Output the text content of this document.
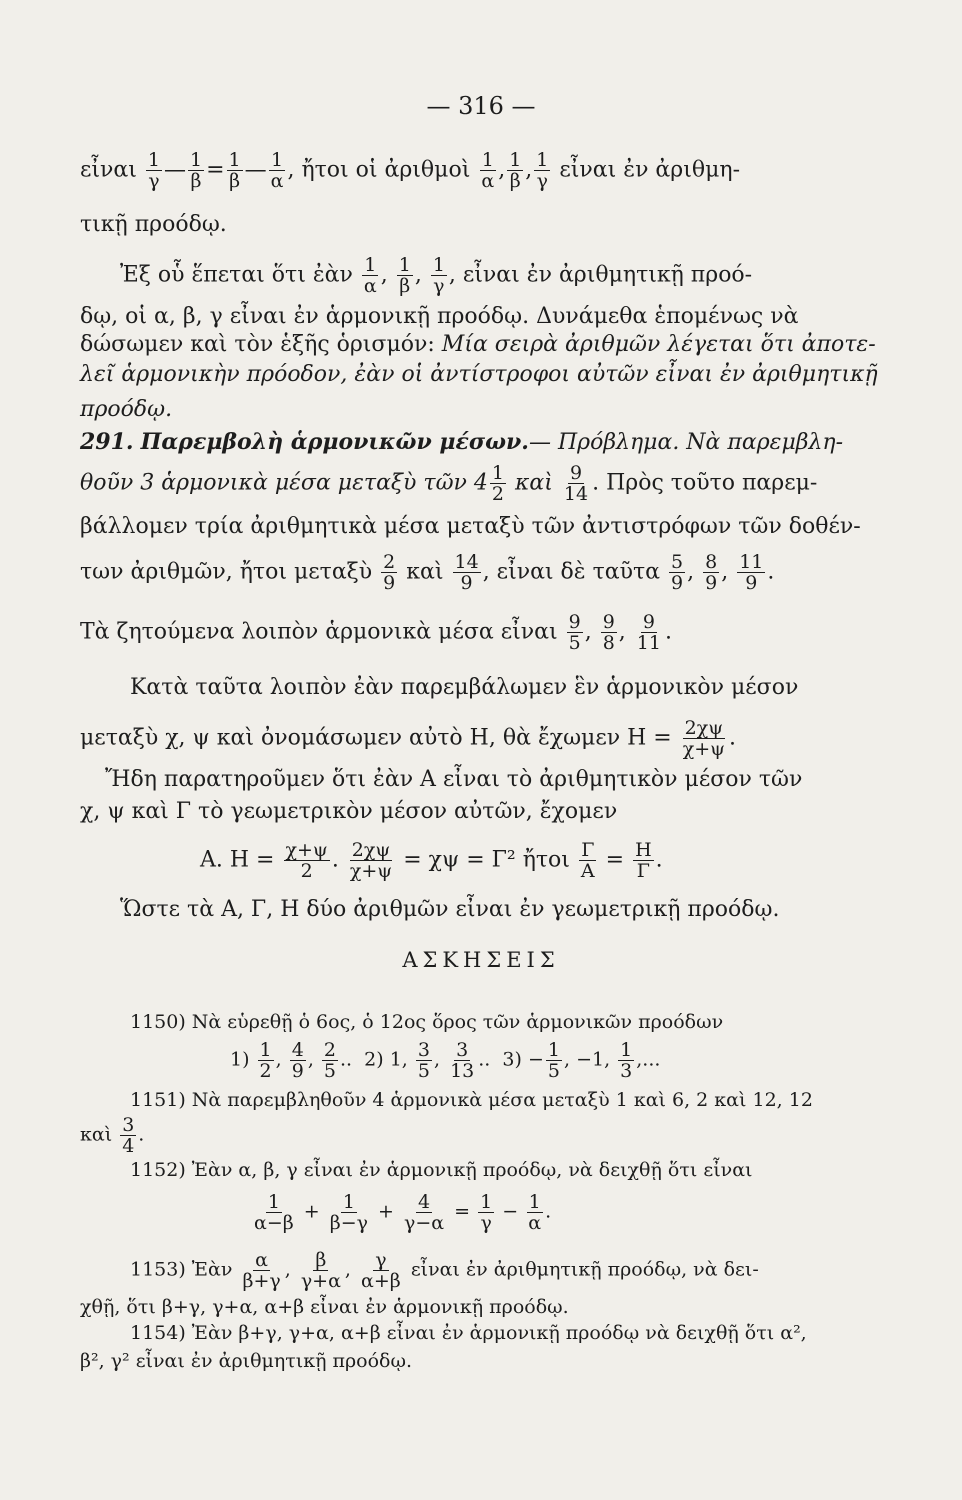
— 316 —
εἶναι $\frac{1}{\gamma}$ — $\frac{1}{\beta} = \frac{1}{\beta}$ — $\frac{1}{\alpha}$ , ἤτοι οἱ ἀριθμοὶ $\frac{1}{\alpha}$ , $\frac{1}{\beta}$ , $\frac{1}{\gamma}$ εἶναι ἐν ἀριθμη-
τικῇ προόδῳ.
Ἐξ οὗ ἕπεται ὅτι ἐὰν $\frac{1}{\alpha}$ , $\frac{1}{\beta}$ , $\frac{1}{\gamma}$ , εἶναι ἐν ἀριθμητικῇ προό-
δῳ, οἱ α, β, γ εἶναι ἐν ἁρμονικῇ προόδῳ. Δυνάμεθα ἑπομένως νὰ
δώσωμεν καὶ τὸν ἑξῆς ὁρισμόν: Μία σειρὰ ἀριθμῶν λέγεται ὅτι ἀποτε-
λεῖ ἁρμονικὴν πρόοδον, ἐὰν οἱ ἀντίστροφοι αὐτῶν εἶναι ἐν ἀριθμητικῇ
προόδῳ.
291. Παρεμβολὴ ἁρμονικῶν μέσων.— Πρόβλημα. Νὰ παρεμβλη-
θοῦν 3 ἁρμονικὰ μέσα μεταξὺ τῶν $4 \frac{1}{2}$ καὶ $\frac{9}{14}$ . Πρὸς τοῦτο παρεμ-
βάλλομεν τρία ἀριθμητικὰ μέσα μεταξὺ τῶν ἀντιστρόφων τῶν δοθέν-
των ἀριθμῶν, ἤτοι μεταξὺ $\frac{2}{9}$ καὶ $\frac{14}{9}$ , εἶναι δὲ ταῦτα $\frac{5}{9}$ , $\frac{8}{9}$ , $\frac{11}{9}$ .
Τὰ ζητούμενα λοιπὸν ἁρμονικὰ μέσα εἶναι $\frac{9}{5}$ , $\frac{9}{8}$ , $\frac{9}{11}$ .
Κατὰ ταῦτα λοιπὸν ἐὰν παρεμβάλωμεν ἓν ἁρμονικὸν μέσον
μεταξὺ χ, ψ καὶ ὀνομάσωμεν αὐτὸ Η, θὰ ἔχωμεν $H = \frac{2\chi\psi}{\chi+\psi}$ .
Ἤδη παρατηροῦμεν ὅτι ἐὰν Α εἶναι τὸ ἀριθμητικὸν μέσον τῶν
χ, ψ καὶ Γ τὸ γεωμετρικὸν μέσον αὐτῶν, ἔχομεν
Α. $H = \frac{\chi+\psi}{2}$ . $\frac{2\chi\psi}{\chi+\psi} = \chi\psi = \Gamma^2$ ἤτοι $\frac{\Gamma}{A} = \frac{H}{\Gamma}$ .
Ὥστε τὰ Α, Γ, Η δύο ἀριθμῶν εἶναι ἐν γεωμετρικῇ προόδῳ.
ΑΣΚΗΣΕΙΣ
1150) Νὰ εὑρεθῇ ὁ 6ος, ὁ 12ος ὅρος τῶν ἁρμονικῶν προόδων
$1) \frac{1}{2}$ , $\frac{4}{9}$ , $\frac{2}{5}$ ..  2) 1, $\frac{3}{5}$ , $\frac{3}{13}$ ..  $3) - \frac{1}{5}$ , −1, $\frac{1}{3}$ ,...
1151) Νὰ παρεμβληθοῦν 4 ἁρμονικὰ μέσα μεταξὺ 1 καὶ 6, 2 καὶ 12, 12
καὶ $\frac{3}{4}$ .
1152) Ἐὰν α, β, γ εἶναι ἐν ἁρμονικῇ προόδῳ, νὰ δειχθῇ ὅτι εἶναι
$\frac{1}{\alpha-\beta} + \frac{1}{\beta-\gamma} + \frac{4}{\gamma-\alpha} = \frac{1}{\gamma} - \frac{1}{\alpha}$ .
1153) Ἐὰν $\frac{\alpha}{\beta+\gamma}$ , $\frac{\beta}{\gamma+\alpha}$ , $\frac{\gamma}{\alpha+\beta}$ εἶναι ἐν ἀριθμητικῇ προόδῳ, νὰ δει-
χθῇ, ὅτι β+γ, γ+α, α+β εἶναι ἐν ἁρμονικῇ προόδῳ.
1154) Ἐὰν β+γ, γ+α, α+β εἶναι ἐν ἁρμονικῇ προόδῳ νὰ δειχθῇ ὅτι α²,
β², γ² εἶναι ἐν ἀριθμητικῇ προόδῳ.
